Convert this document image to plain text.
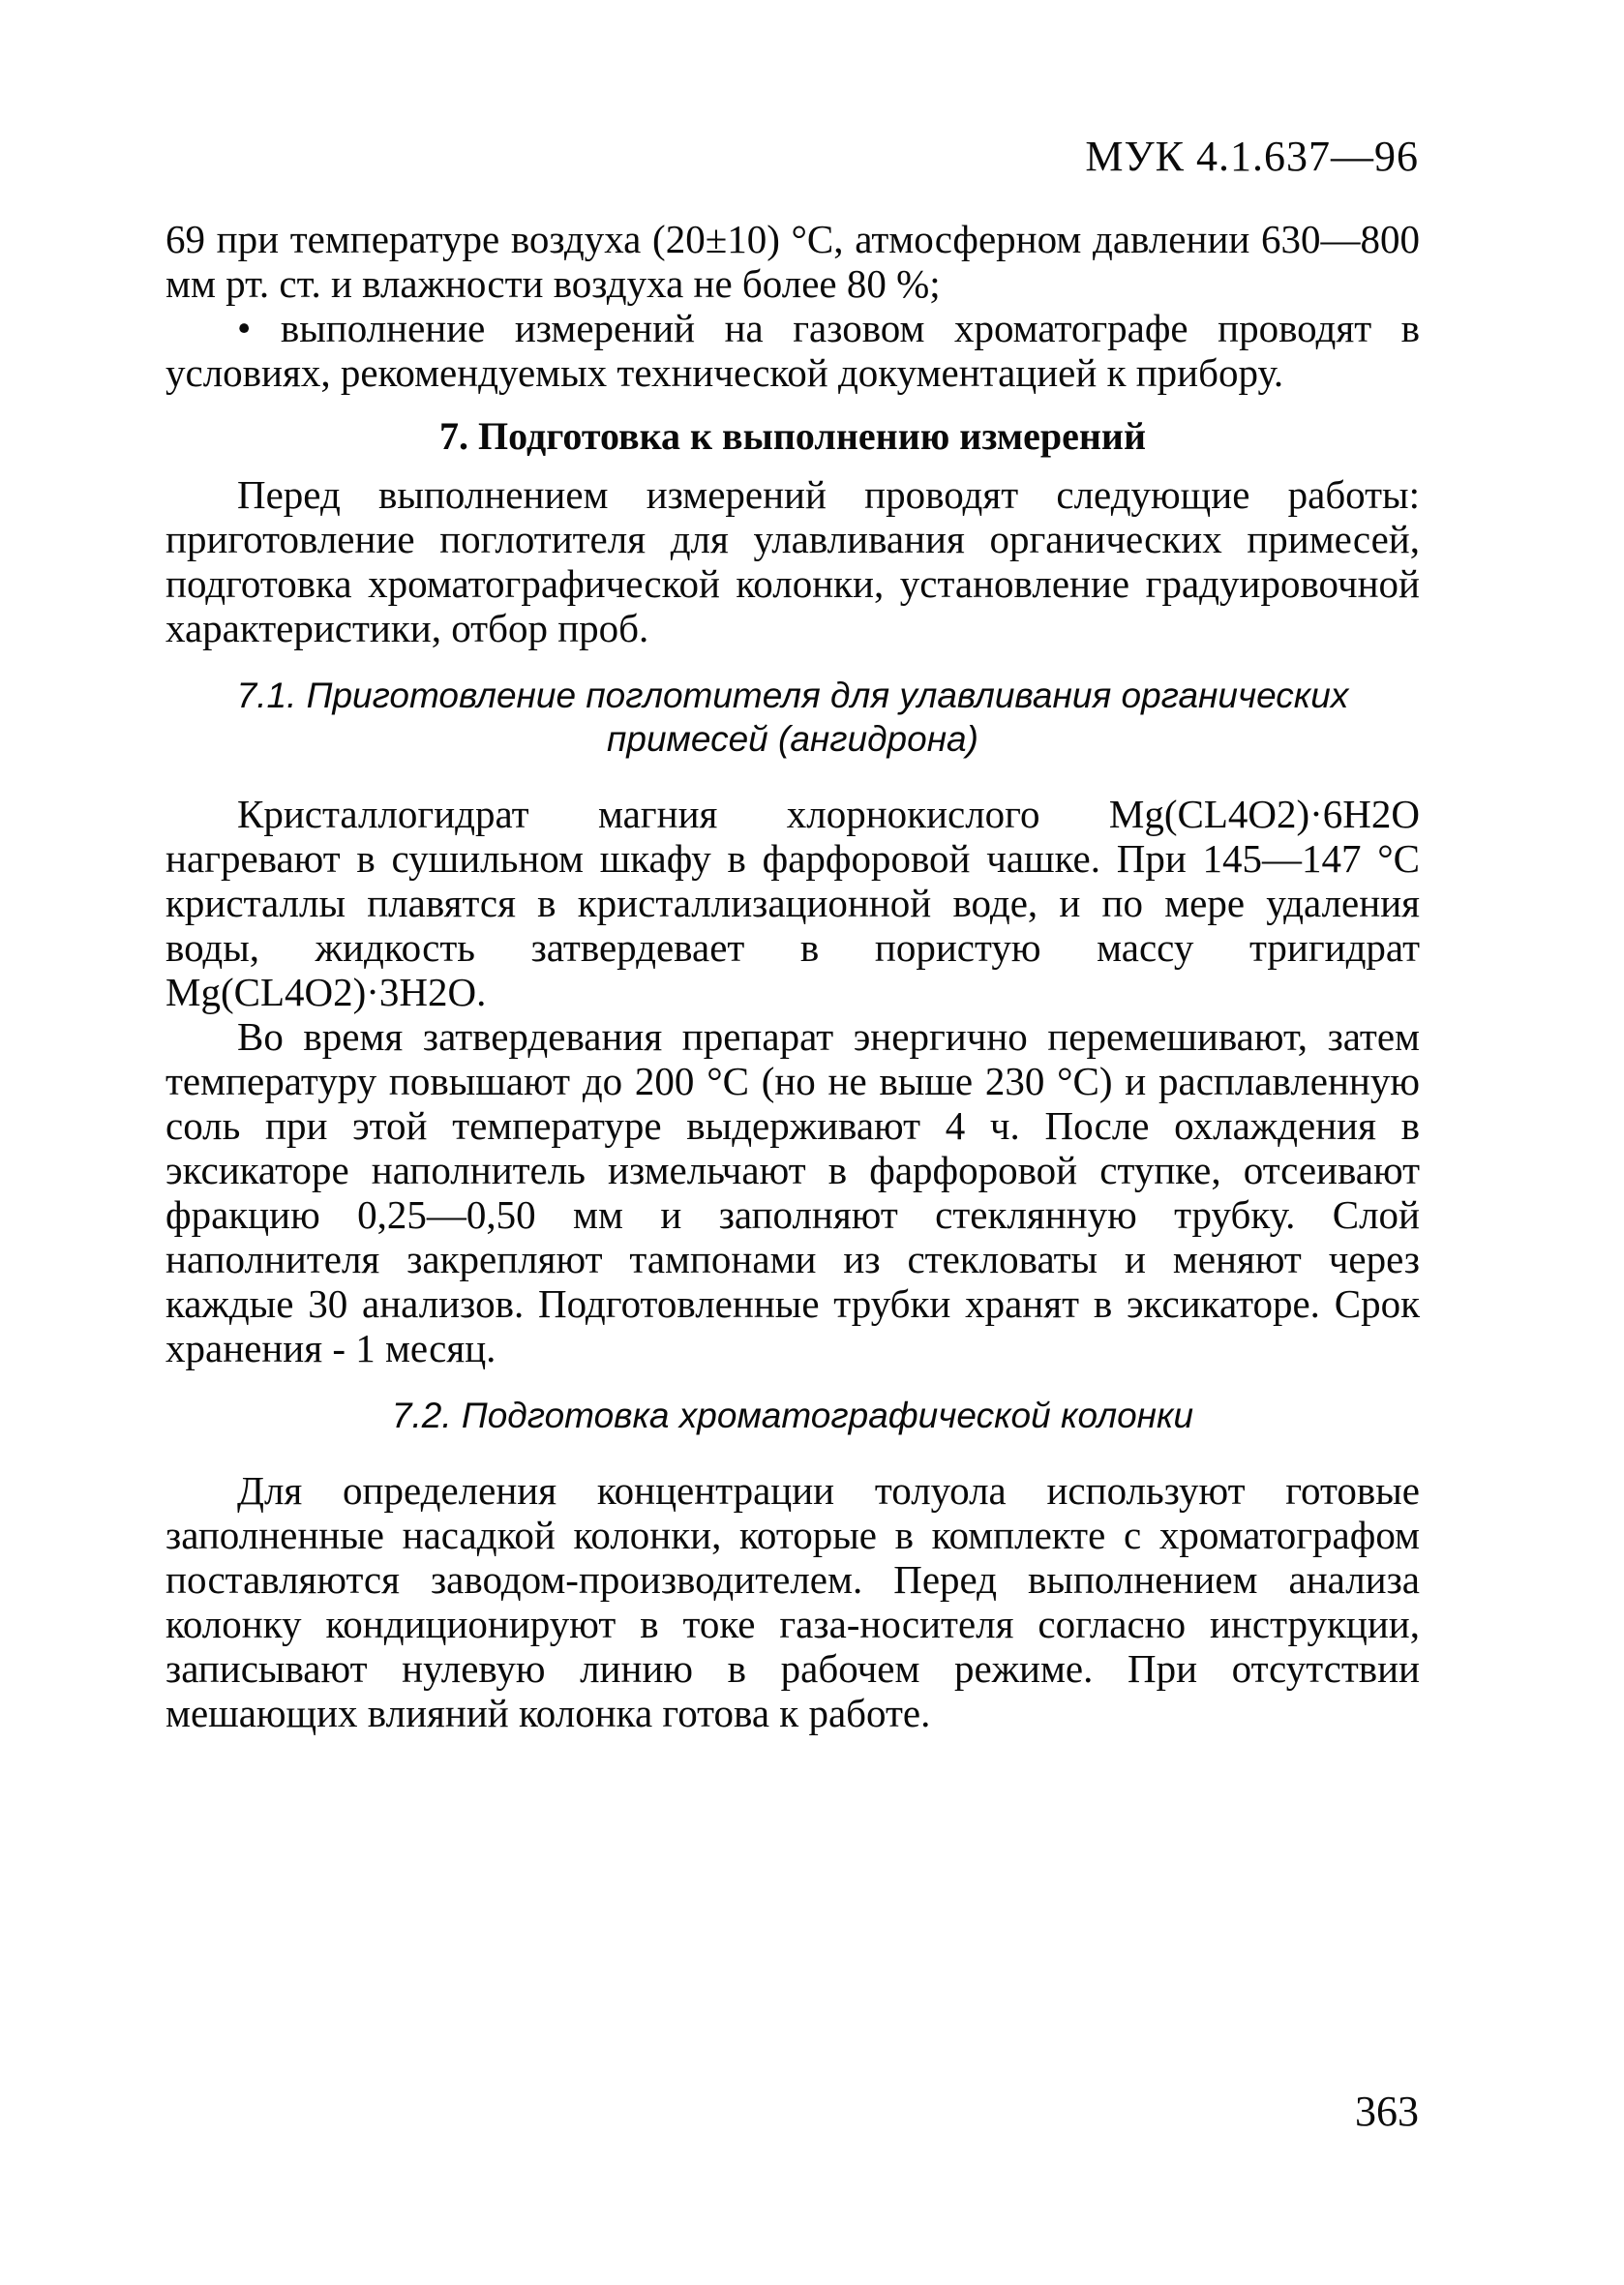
МУК 4.1.637—96

69 при температуре воздуха (20±10) °С, атмосферном давлении 630—800 мм рт. ст. и влажности воздуха не более 80 %;

• выполнение измерений на газовом хроматографе проводят в условиях, рекомендуемых технической документацией к прибору.

7. Подготовка к выполнению измерений

Перед выполнением измерений проводят следующие работы: приготовление поглотителя для улавливания органических примесей, подготовка хроматографической колонки, установление градуировочной характеристики, отбор проб.

7.1. Приготовление поглотителя для улавливания органических примесей (ангидрона)

Кристаллогидрат магния хлорнокислого Mg(CL4O2)·6H2O нагревают в сушильном шкафу в фарфоровой чашке. При 145—147 °С кристаллы плавятся в кристаллизационной воде, и по мере удаления воды, жидкость затвердевает в пористую массу тригидрат Mg(CL4O2)·3H2O.

Во время затвердевания препарат энергично перемешивают, затем температуру повышают до 200 °С (но не выше 230 °С) и расплавленную соль при этой температуре выдерживают 4 ч. После охлаждения в эксикаторе наполнитель измельчают в фарфоровой ступке, отсеивают фракцию 0,25—0,50 мм и заполняют стеклянную трубку. Слой наполнителя закрепляют тампонами из стекловаты и меняют через каждые 30 анализов. Подготовленные трубки хранят в эксикаторе. Срок хранения - 1 месяц.

7.2. Подготовка хроматографической колонки

Для определения концентрации толуола используют готовые заполненные насадкой колонки, которые в комплекте с хроматографом поставляются заводом-производителем. Перед выполнением анализа колонку кондиционируют в токе газа-носителя согласно инструкции, записывают нулевую линию в рабочем режиме. При отсутствии мешающих влияний колонка готова к работе.

363
